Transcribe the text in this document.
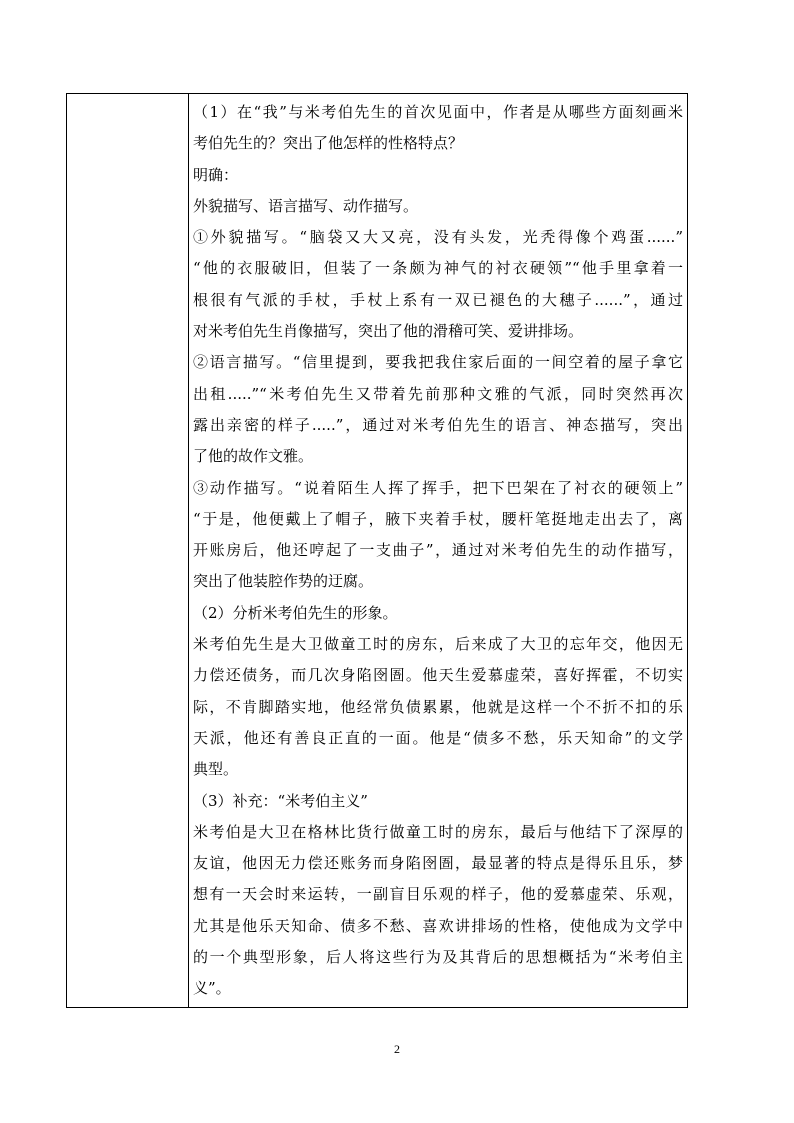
（1）在“我”与米考伯先生的首次见面中，作者是从哪些方面刻画米
考伯先生的？突出了他怎样的性格特点？
明确：
外貌描写、语言描写、动作描写。
①外貌描写。“脑袋又大又亮，没有头发，光秃得像个鸡蛋......”
“他的衣服破旧，但装了一条颇为神气的衬衣硬领”“他手里拿着一
根很有气派的手杖，手杖上系有一双已褪色的大穗子......”，通过
对米考伯先生肖像描写，突出了他的滑稽可笑、爱讲排场。
②语言描写。“信里提到，要我把我住家后面的一间空着的屋子拿它
出租.....”“米考伯先生又带着先前那种文雅的气派，同时突然再次
露出亲密的样子.....”，通过对米考伯先生的语言、神态描写，突出
了他的故作文雅。
③动作描写。“说着陌生人挥了挥手，把下巴架在了衬衣的硬领上”
“于是，他便戴上了帽子，腋下夹着手杖，腰杆笔挺地走出去了，离
开账房后，他还哼起了一支曲子”，通过对米考伯先生的动作描写，
突出了他装腔作势的迂腐。
（2）分析米考伯先生的形象。
米考伯先生是大卫做童工时的房东，后来成了大卫的忘年交，他因无
力偿还债务，而几次身陷囹圄。他天生爱慕虚荣，喜好挥霍，不切实
际，不肯脚踏实地，他经常负债累累，他就是这样一个不折不扣的乐
天派，他还有善良正直的一面。他是“债多不愁，乐天知命”的文学
典型。
（3）补充：“米考伯主义”
米考伯是大卫在格林比货行做童工时的房东，最后与他结下了深厚的
友谊，他因无力偿还账务而身陷囹圄，最显著的特点是得乐且乐，梦
想有一天会时来运转，一副盲目乐观的样子，他的爱慕虚荣、乐观，
尤其是他乐天知命、债多不愁、喜欢讲排场的性格，使他成为文学中
的一个典型形象，后人将这些行为及其背后的思想概括为“米考伯主
义”。
2
